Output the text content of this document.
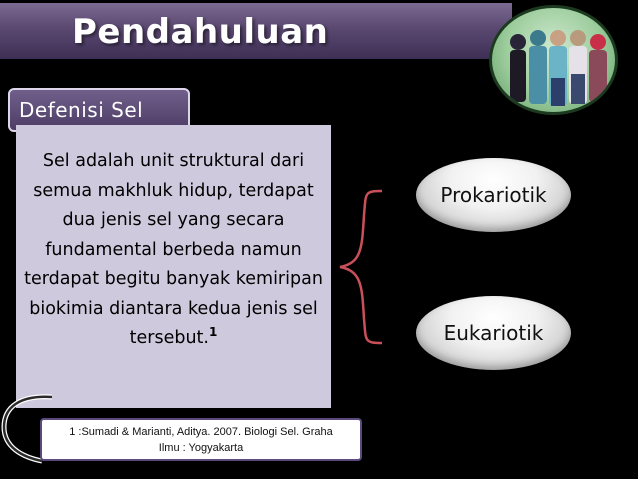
Pendahuluan
Defenisi Sel

Sel adalah unit struktural dari semua makhluk hidup, terdapat dua jenis sel yang secara fundamental berbeda namun terdapat begitu banyak kemiripan biokimia diantara kedua jenis sel tersebut.$^1$

Prokariotik
Eukariotik
1 :Sumadi & Marianti, Aditya. 2007. Biologi Sel. Graha
Ilmu : Yogyakarta
